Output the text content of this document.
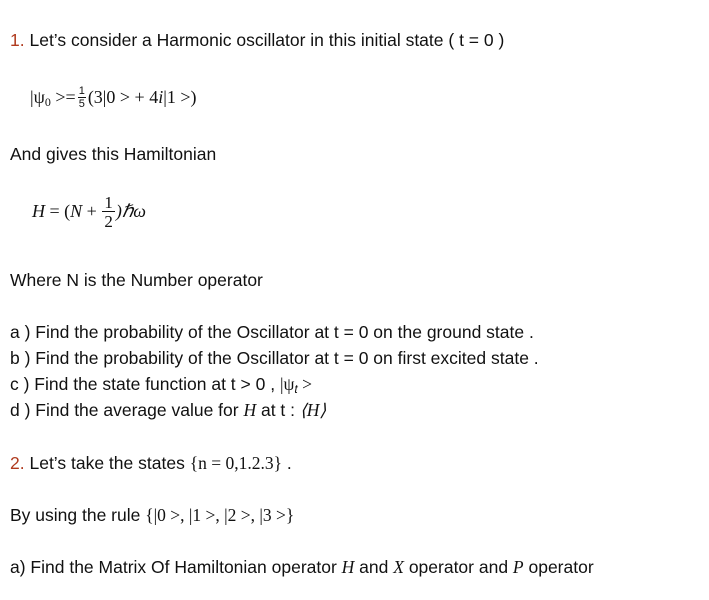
1. Let’s consider a Harmonic oscillator in this initial state ( t = 0 )
$|\psi_0 >= \frac{1}{5} (3|0$ > + 4i|1 >)
And gives this Hamiltonian
$H = (N + \frac{1}{2}$ )ℏω
Where N is the Number operator
a ) Find the probability of the Oscillator at t = 0 on the ground state .
b ) Find the probability of the Oscillator at t = 0 on first excited state .
c ) Find the state function at t > 0 , $|\psi_t$ >
d ) Find the average value for H at t : ⟨H⟩
2. Let’s take the states {n = 0,1.2.3} .
By using the rule {|0 >, |1 >, |2 >, |3 >}
a) Find the Matrix Of Hamiltonian operator H and X operator and P operator
